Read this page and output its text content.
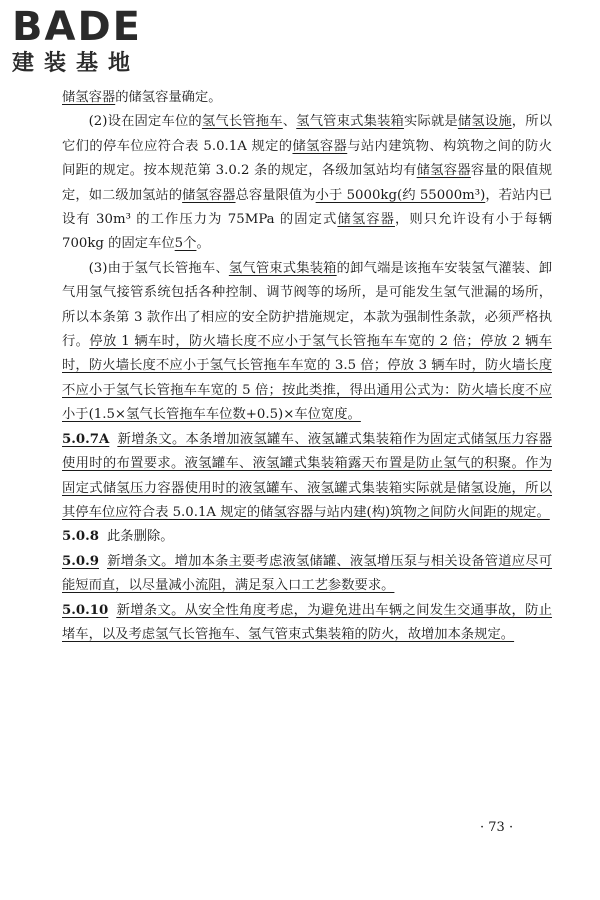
BADE
建装基地

储氢容器的储氢容量确定。

(2)设在固定车位的氢气长管拖车、氢气管束式集装箱实际就是储氢设施，所以它们的停车位应符合表 5.0.1A 规定的储氢容器与站内建筑物、构筑物之间的防火间距的规定。按本规范第 3.0.2 条的规定，各级加氢站均有储氢容器容量的限值规定，如二级加氢站的储氢容器总容量限值为小于 5000kg(约 55000m³)，若站内已设有 30m³ 的工作压力为 75MPa 的固定式储氢容器，则只允许设有小于每辆 700kg 的固定车位5个。

(3)由于氢气长管拖车、氢气管束式集装箱的卸气端是该拖车安装氢气灌装、卸气用氢气接管系统包括各种控制、调节阀等的场所，是可能发生氢气泄漏的场所，所以本条第 3 款作出了相应的安全防护措施规定，本款为强制性条款，必须严格执行。停放 1 辆车时，防火墙长度不应小于氢气长管拖车车宽的 2 倍；停放 2 辆车时，防火墙长度不应小于氢气长管拖车车宽的 3.5 倍；停放 3 辆车时，防火墙长度不应小于氢气长管拖车车宽的 5 倍；按此类推，得出通用公式为：防火墙长度不应小于(1.5×氢气长管拖车车位数+0.5)×车位宽度。

5.0.7A 新增条文。本条增加液氢罐车、液氢罐式集装箱作为固定式储氢压力容器使用时的布置要求。液氢罐车、液氢罐式集装箱露天布置是防止氢气的积聚。作为固定式储氢压力容器使用时的液氢罐车、液氢罐式集装箱实际就是储氢设施，所以其停车位应符合表 5.0.1A 规定的储氢容器与站内建(构)筑物之间防火间距的规定。

5.0.8 此条删除。

5.0.9 新增条文。增加本条主要考虑液氢储罐、液氢增压泵与相关设备管道应尽可能短而直，以尽量减小流阻，满足泵入口工艺参数要求。

5.0.10 新增条文。从安全性角度考虑，为避免进出车辆之间发生交通事故，防止堵车，以及考虑氢气长管拖车、氢气管束式集装箱的防火，故增加本条规定。

· 73 ·
